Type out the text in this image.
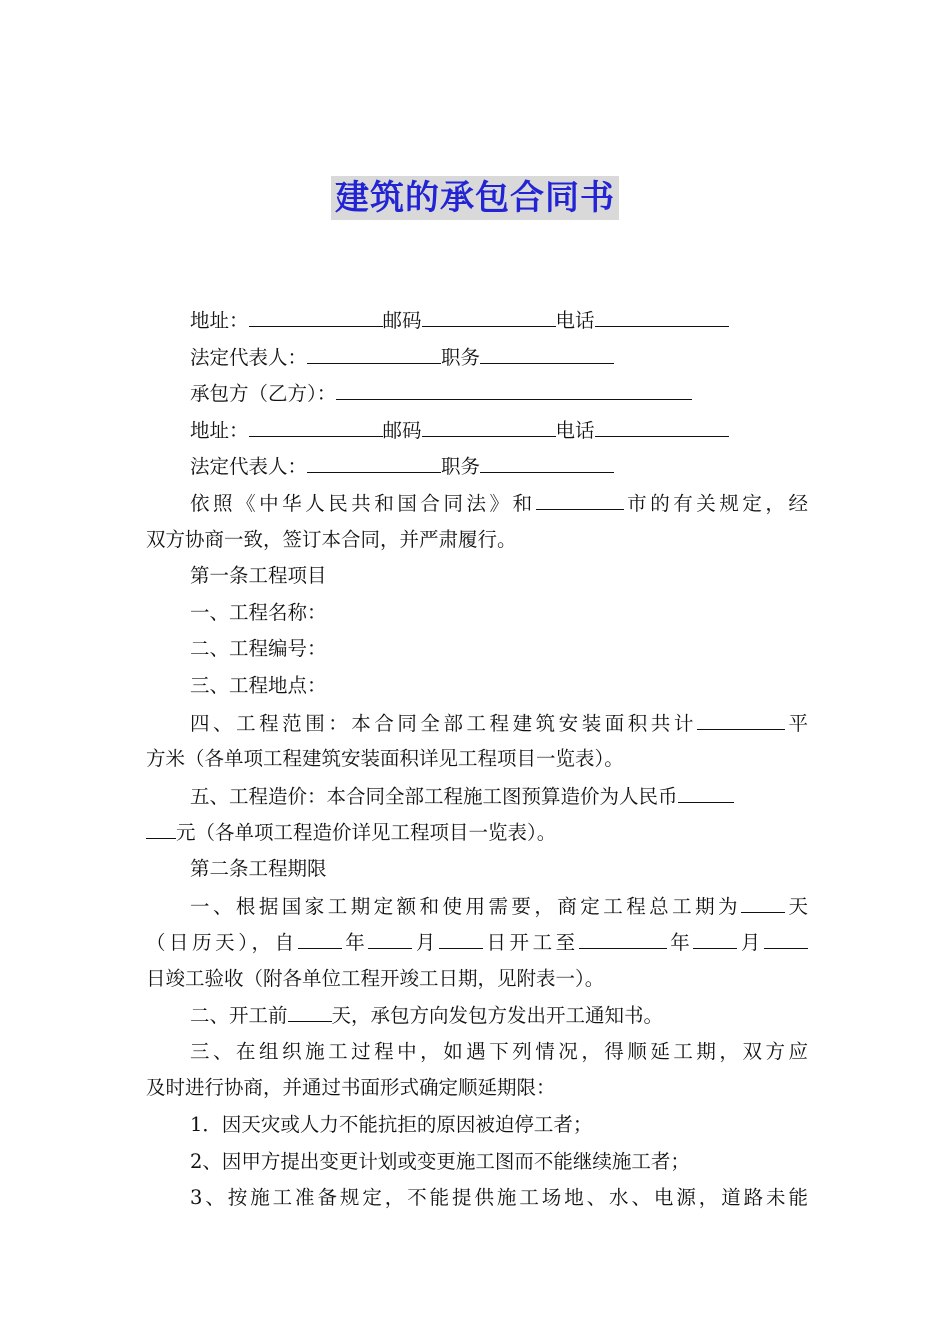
建筑的承包合同书
地址：	邮码	电话
法定代表人：	职务
承包方（乙方）：
地址：	邮码	电话
法定代表人：	职务
依照《中华人民共和国合同法》和	市的有关规定，经
双方协商一致，签订本合同，并严肃履行。
第一条工程项目
一、工程名称：
二、工程编号：
三、工程地点：
四、工程范围：本合同全部工程建筑安装面积共计	平
方米（各单项工程建筑安装面积详见工程项目一览表）。
五、工程造价：本合同全部工程施工图预算造价为人民币
元（各单项工程造价详见工程项目一览表）。
第二条工程期限
一、根据国家工期定额和使用需要，商定工程总工期为 天
（日历天），自 年 月 日开工至	年 月
日竣工验收（附各单位工程开竣工日期，见附表一）。
二、开工前 天，承包方向发包方发出开工通知书。
三、在组织施工过程中，如遇下列情况，得顺延工期，双方应
及时进行协商，并通过书面形式确定顺延期限：
1．因天灾或人力不能抗拒的原因被迫停工者；
2、因甲方提出变更计划或变更施工图而不能继续施工者；
3、按施工准备规定，不能提供施工场地、水、电源，道路未能
